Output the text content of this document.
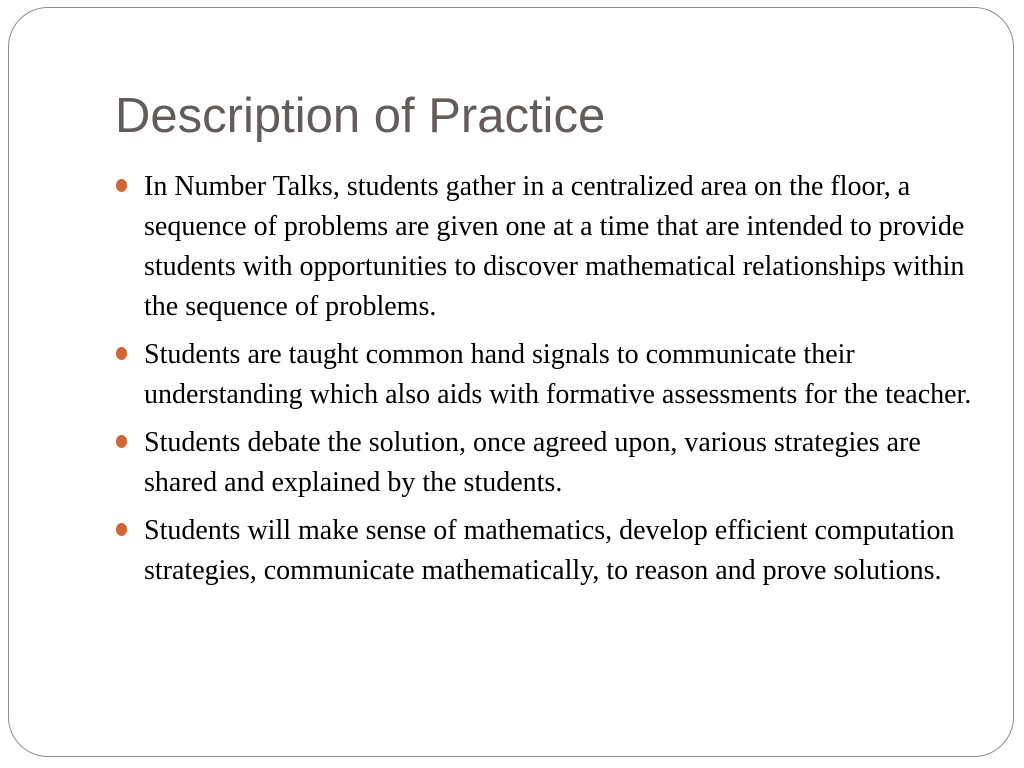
Description of Practice
In Number Talks, students gather in a centralized area on the floor, a sequence of problems are given one at a time that are intended to provide students with opportunities to discover mathematical relationships within the sequence of problems.
Students are taught common hand signals to communicate their understanding which also aids with formative assessments for the teacher.
Students debate the solution, once agreed upon, various strategies are shared and explained by the students.
Students will make sense of mathematics, develop efficient computation strategies, communicate mathematically, to reason and prove solutions.
